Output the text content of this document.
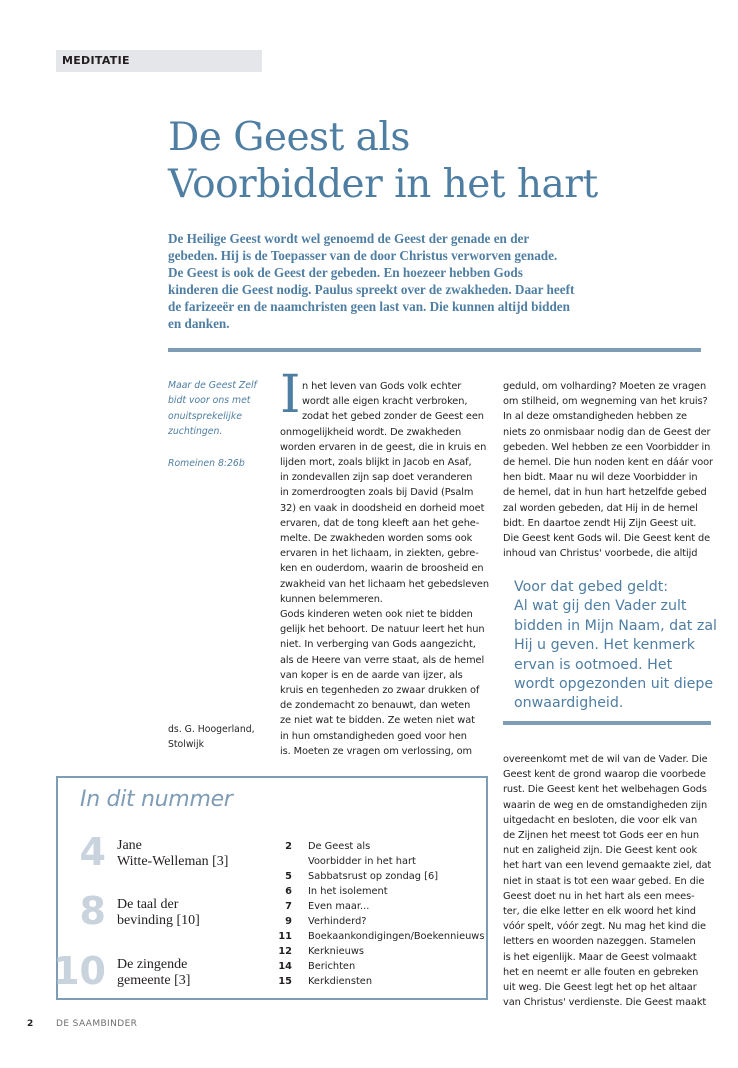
MEDITATIE
De Geest als
Voorbidder in het hart
De Heilige Geest wordt wel genoemd de Geest der genade en der
gebeden. Hij is de Toepasser van de door Christus verworven genade.
De Geest is ook de Geest der gebeden. En hoezeer hebben Gods
kinderen die Geest nodig. Paulus spreekt over de zwakheden. Daar heeft
de farizeeër en de naamchristen geen last van. Die kunnen altijd bidden
en danken.
Maar de Geest Zelf
bidt voor ons met
onuitsprekelijke
zuchtingen.
Romeinen 8:26b
ds. G. Hoogerland,
Stolwijk
I n het leven van Gods volk echter
wordt alle eigen kracht verbroken,
zodat het gebed zonder de Geest een
onmogelijkheid wordt. De zwakheden
worden ervaren in de geest, die in kruis en
lijden mort, zoals blijkt in Jacob en Asaf,
in zondevallen zijn sap doet veranderen
in zomerdroogten zoals bij David (Psalm
32) en vaak in doodsheid en dorheid moet
ervaren, dat de tong kleeft aan het gehe-
melte. De zwakheden worden soms ook
ervaren in het lichaam, in ziekten, gebre-
ken en ouderdom, waarin de broosheid en
zwakheid van het lichaam het gebedsleven
kunnen belemmeren.
Gods kinderen weten ook niet te bidden
gelijk het behoort. De natuur leert het hun
niet. In verberging van Gods aangezicht,
als de Heere van verre staat, als de hemel
van koper is en de aarde van ijzer, als
kruis en tegenheden zo zwaar drukken of
de zondemacht zo benauwt, dan weten
ze niet wat te bidden. Ze weten niet wat
in hun omstandigheden goed voor hen
is. Moeten ze vragen om verlossing, om
geduld, om volharding? Moeten ze vragen
om stilheid, om wegneming van het kruis?
In al deze omstandigheden hebben ze
niets zo onmisbaar nodig dan de Geest der
gebeden. Wel hebben ze een Voorbidder in
de hemel. Die hun noden kent en dáár voor
hen bidt. Maar nu wil deze Voorbidder in
de hemel, dat in hun hart hetzelfde gebed
zal worden gebeden, dat Hij in de hemel
bidt. En daartoe zendt Hij Zijn Geest uit.
Die Geest kent Gods wil. Die Geest kent de
inhoud van Christus' voorbede, die altijd
Voor dat gebed geldt:
Al wat gij den Vader zult
bidden in Mijn Naam, dat zal
Hij u geven. Het kenmerk
ervan is ootmoed. Het
wordt opgezonden uit diepe
onwaardigheid.
overeenkomt met de wil van de Vader. Die
Geest kent de grond waarop die voorbede
rust. Die Geest kent het welbehagen Gods
waarin de weg en de omstandigheden zijn
uitgedacht en besloten, die voor elk van
de Zijnen het meest tot Gods eer en hun
nut en zaligheid zijn. Die Geest kent ook
het hart van een levend gemaakte ziel, dat
niet in staat is tot een waar gebed. En die
Geest doet nu in het hart als een mees-
ter, die elke letter en elk woord het kind
vóór spelt, vóór zegt. Nu mag het kind die
letters en woorden nazeggen. Stamelen
is het eigenlijk. Maar de Geest volmaakt
het en neemt er alle fouten en gebreken
uit weg. Die Geest legt het op het altaar
van Christus' verdienste. Die Geest maakt
In dit nummer
4 Jane
Witte-Welleman [3]
8 De taal der
bevinding [10]
10 De zingende
gemeente [3]
2 De Geest als
Voorbidder in het hart
5 Sabbatsrust op zondag [6]
6 In het isolement
7 Even maar...
9 Verhinderd?
11 Boekaankondigingen/Boekennieuws
12 Kerknieuws
14 Berichten
15 Kerkdiensten
2	DE SAAMBINDER
